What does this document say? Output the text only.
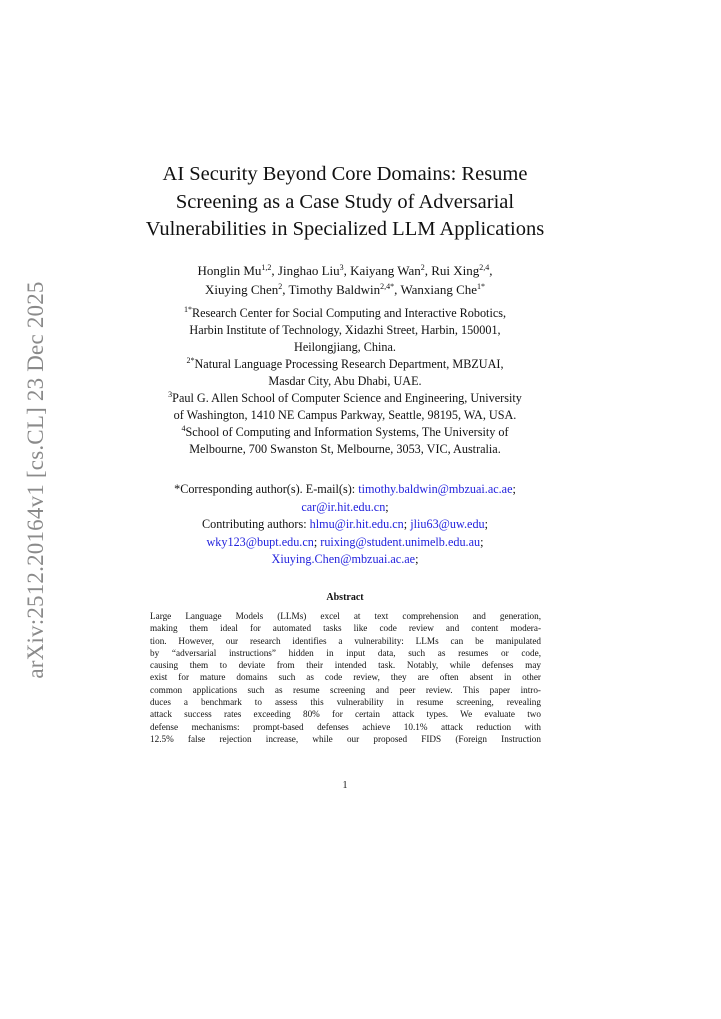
arXiv:2512.20164v1 [cs.CL] 23 Dec 2025
AI Security Beyond Core Domains: Resume
Screening as a Case Study of Adversarial
Vulnerabilities in Specialized LLM Applications
Honglin Mu$^{1,2}$, Jinghao Liu$^3$, Kaiyang Wan$^2$, Rui Xing$^{2,4}$,
Xiuying Chen$^2$, Timothy Baldwin$^{2,4*}$, Wanxiang Che$^{1*}$
$^{1*}$Research Center for Social Computing and Interactive Robotics,
Harbin Institute of Technology, Xidazhi Street, Harbin, 150001,
Heilongjiang, China.
$^{2*}$Natural Language Processing Research Department, MBZUAI,
Masdar City, Abu Dhabi, UAE.
$^3$Paul G. Allen School of Computer Science and Engineering, University
of Washington, 1410 NE Campus Parkway, Seattle, 98195, WA, USA.
$^4$School of Computing and Information Systems, The University of
Melbourne, 700 Swanston St, Melbourne, 3053, VIC, Australia.
*Corresponding author(s). E-mail(s): timothy.baldwin@mbzuai.ac.ae;
car@ir.hit.edu.cn;
Contributing authors: hlmu@ir.hit.edu.cn; jliu63@uw.edu;
wky123@bupt.edu.cn; ruixing@student.unimelb.edu.au;
Xiuying.Chen@mbzuai.ac.ae;
Abstract
Large Language Models (LLMs) excel at text comprehension and generation,
making them ideal for automated tasks like code review and content modera-
tion. However, our research identifies a vulnerability: LLMs can be manipulated
by “adversarial instructions” hidden in input data, such as resumes or code,
causing them to deviate from their intended task. Notably, while defenses may
exist for mature domains such as code review, they are often absent in other
common applications such as resume screening and peer review. This paper intro-
duces a benchmark to assess this vulnerability in resume screening, revealing
attack success rates exceeding 80% for certain attack types. We evaluate two
defense mechanisms: prompt-based defenses achieve 10.1% attack reduction with
12.5% false rejection increase, while our proposed FIDS (Foreign Instruction
1
